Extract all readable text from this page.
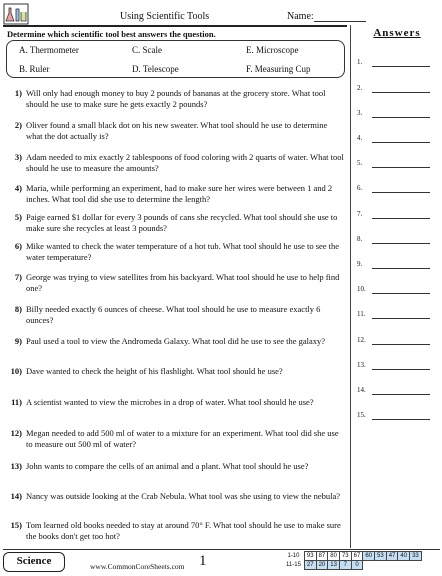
Using Scientific Tools	Name:
Determine which scientific tool best answers the question.
A. Thermometer
B. Ruler
C. Scale
D. Telescope
E. Microscope
F. Measuring Cup
1) Will only had enough money to buy 2 pounds of bananas at the grocery store. What tool should he use to make sure he gets exactly 2 pounds?
2) Oliver found a small black dot on his new sweater. What tool should he use to determine what the dot actually is?
3) Adam needed to mix exactly 2 tablespoons of food coloring with 2 quarts of water. What tool should he use to measure the amounts?
4) Maria, while performing an experiment, had to make sure her wires were between 1 and 2 inches. What tool did she use to determine the length?
5) Paige earned $1 dollar for every 3 pounds of cans she recycled. What tool should she use to make sure she recycles at least 3 pounds?
6) Mike wanted to check the water temperature of a hot tub. What tool should he use to see the water temperature?
7) George was trying to view satellites from his backyard. What tool should he use to help find one?
8) Billy needed exactly 6 ounces of cheese. What tool should he use to measure exactly 6 ounces?
9) Paul used a tool to view the Andromeda Galaxy. What tool did he use to see the galaxy?
10) Dave wanted to check the height of his flashlight. What tool should he use?
11) A scientist wanted to view the microbes in a drop of water. What tool should he use?
12) Megan needed to add 500 ml of water to a mixture for an experiment. What tool did she use to measure out 500 ml of water?
13) John wants to compare the cells of an animal and a plant. What tool should he use?
14) Nancy was outside looking at the Crab Nebula. What tool was she using to view the nebula?
15) Tom learned old books needed to stay at around 70° F. What tool should he use to make sure the books don't get too hot?
Answers
1.
2.
3.
4.
5.
6.
7.
8.
9.
10.
11.
12.
13.
14.
15.
Science	www.CommonCoreSheets.com 1	1-10	93	87	80	73	67	60	53	47	40	33
11-15	27	20	13	7	0					
